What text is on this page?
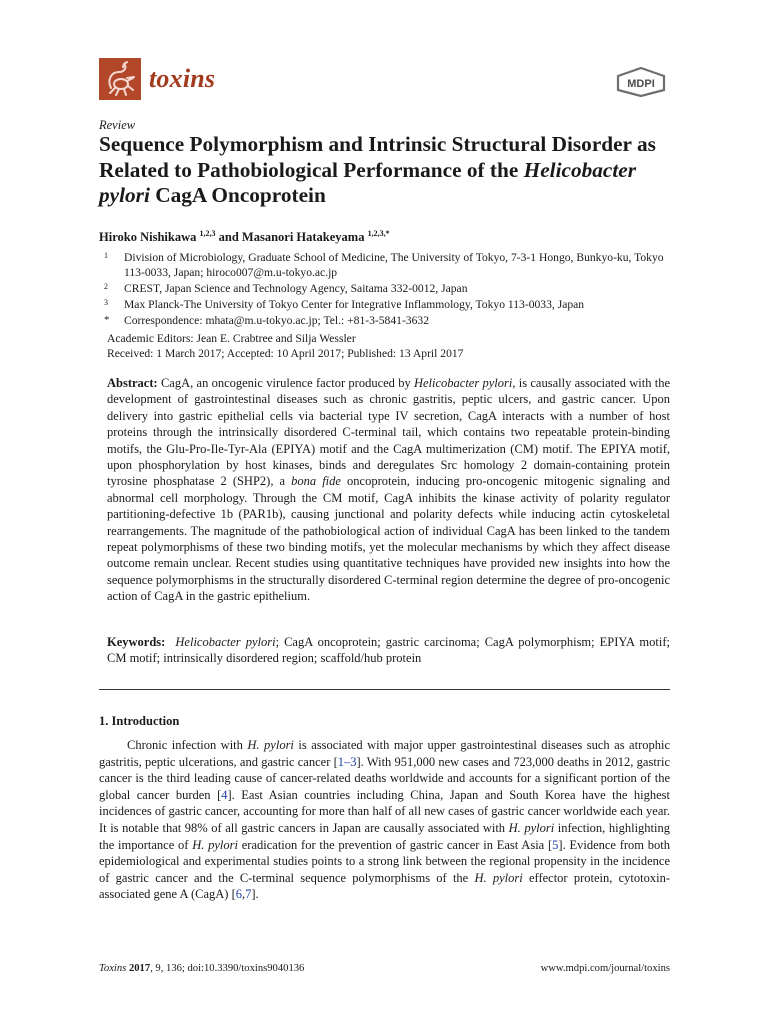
toxins	MDPI
Review
Sequence Polymorphism and Intrinsic Structural Disorder as Related to Pathobiological Performance of the Helicobacter pylori CagA Oncoprotein
Hiroko Nishikawa $^{1,2,3}$ and Masanori Hatakeyama $^{1,2,3,*}$
1 Division of Microbiology, Graduate School of Medicine, The University of Tokyo, 7-3-1 Hongo, Bunkyo-ku, Tokyo 113-0033, Japan; hiroco007@m.u-tokyo.ac.jp
2 CREST, Japan Science and Technology Agency, Saitama 332-0012, Japan
3 Max Planck-The University of Tokyo Center for Integrative Inflammology, Tokyo 113-0033, Japan
* Correspondence: mhata@m.u-tokyo.ac.jp; Tel.: +81-3-5841-3632
Academic Editors: Jean E. Crabtree and Silja Wessler
Received: 1 March 2017; Accepted: 10 April 2017; Published: 13 April 2017

Abstract: CagA, an oncogenic virulence factor produced by Helicobacter pylori, is causally associated with the development of gastrointestinal diseases such as chronic gastritis, peptic ulcers, and gastric cancer. Upon delivery into gastric epithelial cells via bacterial type IV secretion, CagA interacts with a number of host proteins through the intrinsically disordered C-terminal tail, which contains two repeatable protein-binding motifs, the Glu-Pro-Ile-Tyr-Ala (EPIYA) motif and the CagA multimerization (CM) motif. The EPIYA motif, upon phosphorylation by host kinases, binds and deregulates Src homology 2 domain-containing protein tyrosine phosphatase 2 (SHP2), a bona fide oncoprotein, inducing pro-oncogenic mitogenic signaling and abnormal cell morphology. Through the CM motif, CagA inhibits the kinase activity of polarity regulator partitioning-defective 1b (PAR1b), causing junctional and polarity defects while inducing actin cytoskeletal rearrangements. The magnitude of the pathobiological action of individual CagA has been linked to the tandem repeat polymorphisms of these two binding motifs, yet the molecular mechanisms by which they affect disease outcome remain unclear. Recent studies using quantitative techniques have provided new insights into how the sequence polymorphisms in the structurally disordered C-terminal region determine the degree of pro-oncogenic action of CagA in the gastric epithelium.

Keywords: Helicobacter pylori; CagA oncoprotein; gastric carcinoma; CagA polymorphism; EPIYA motif; CM motif; intrinsically disordered region; scaffold/hub protein

1. Introduction

Chronic infection with H. pylori is associated with major upper gastrointestinal diseases such as atrophic gastritis, peptic ulcerations, and gastric cancer [1–3]. With 951,000 new cases and 723,000 deaths in 2012, gastric cancer is the third leading cause of cancer-related deaths worldwide and accounts for a significant portion of the global cancer burden [4]. East Asian countries including China, Japan and South Korea have the highest incidences of gastric cancer, accounting for more than half of all new cases of gastric cancer worldwide each year. It is notable that 98% of all gastric cancers in Japan are causally associated with H. pylori infection, highlighting the importance of H. pylori eradication for the prevention of gastric cancer in East Asia [5]. Evidence from both epidemiological and experimental studies points to a strong link between the regional propensity in the incidence of gastric cancer and the C-terminal sequence polymorphisms of the H. pylori effector protein, cytotoxin-associated gene A (CagA) [6,7].

Toxins 2017, 9, 136; doi:10.3390/toxins9040136	www.mdpi.com/journal/toxins
